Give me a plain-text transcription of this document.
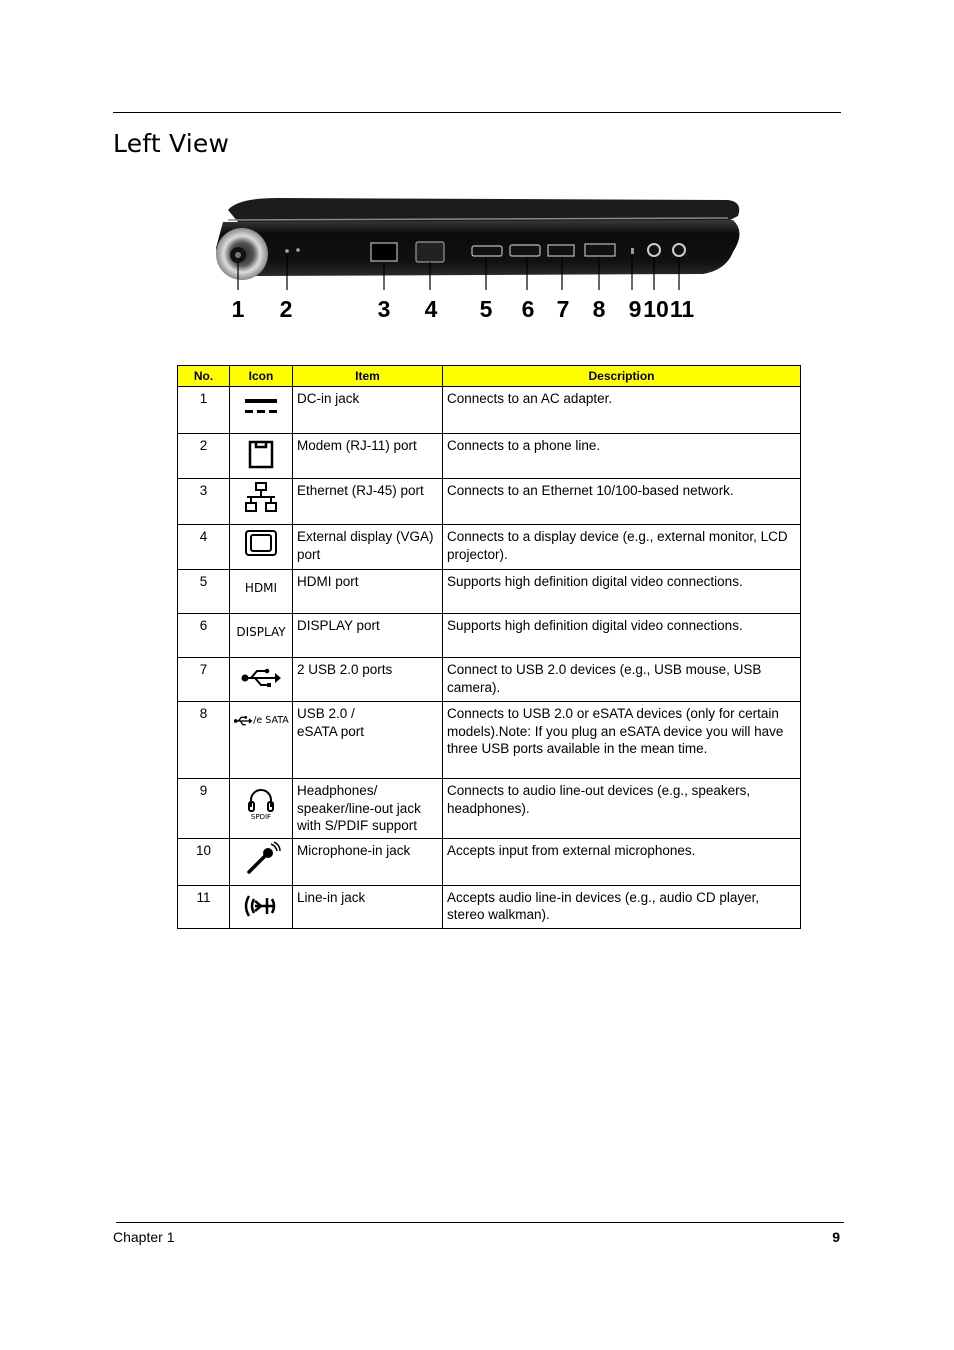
Left View
1 2	3 4 5 6 7 8 9 10 11
No.	Icon	Item	Description
1		DC-in jack	Connects to an AC adapter.
2		Modem (RJ-11) port	Connects to a phone line.
3		Ethernet (RJ-45) port	Connects to an Ethernet 10/100-based network.
4		External display (VGA) port	Connects to a display device (e.g., external monitor, LCD projector).
5	HDMI	HDMI port	Supports high definition digital video connections.
6	DISPLAY	DISPLAY port	Supports high definition digital video connections.
7		2 USB 2.0 ports	Connect to USB 2.0 devices (e.g., USB mouse, USB camera).
8	/e SATA	USB 2.0 / eSATA port	Connects to USB 2.0 or eSATA devices (only for certain models).Note: If you plug an eSATA device you will have three USB ports available in the mean time.
9	SPDIF	Headphones/ speaker/line-out jack with S/PDIF support	Connects to audio line-out devices (e.g., speakers, headphones).
10		Microphone-in jack	Accepts input from external microphones.
11		Line-in jack	Accepts audio line-in devices (e.g., audio CD player, stereo walkman).
Chapter 1	9
